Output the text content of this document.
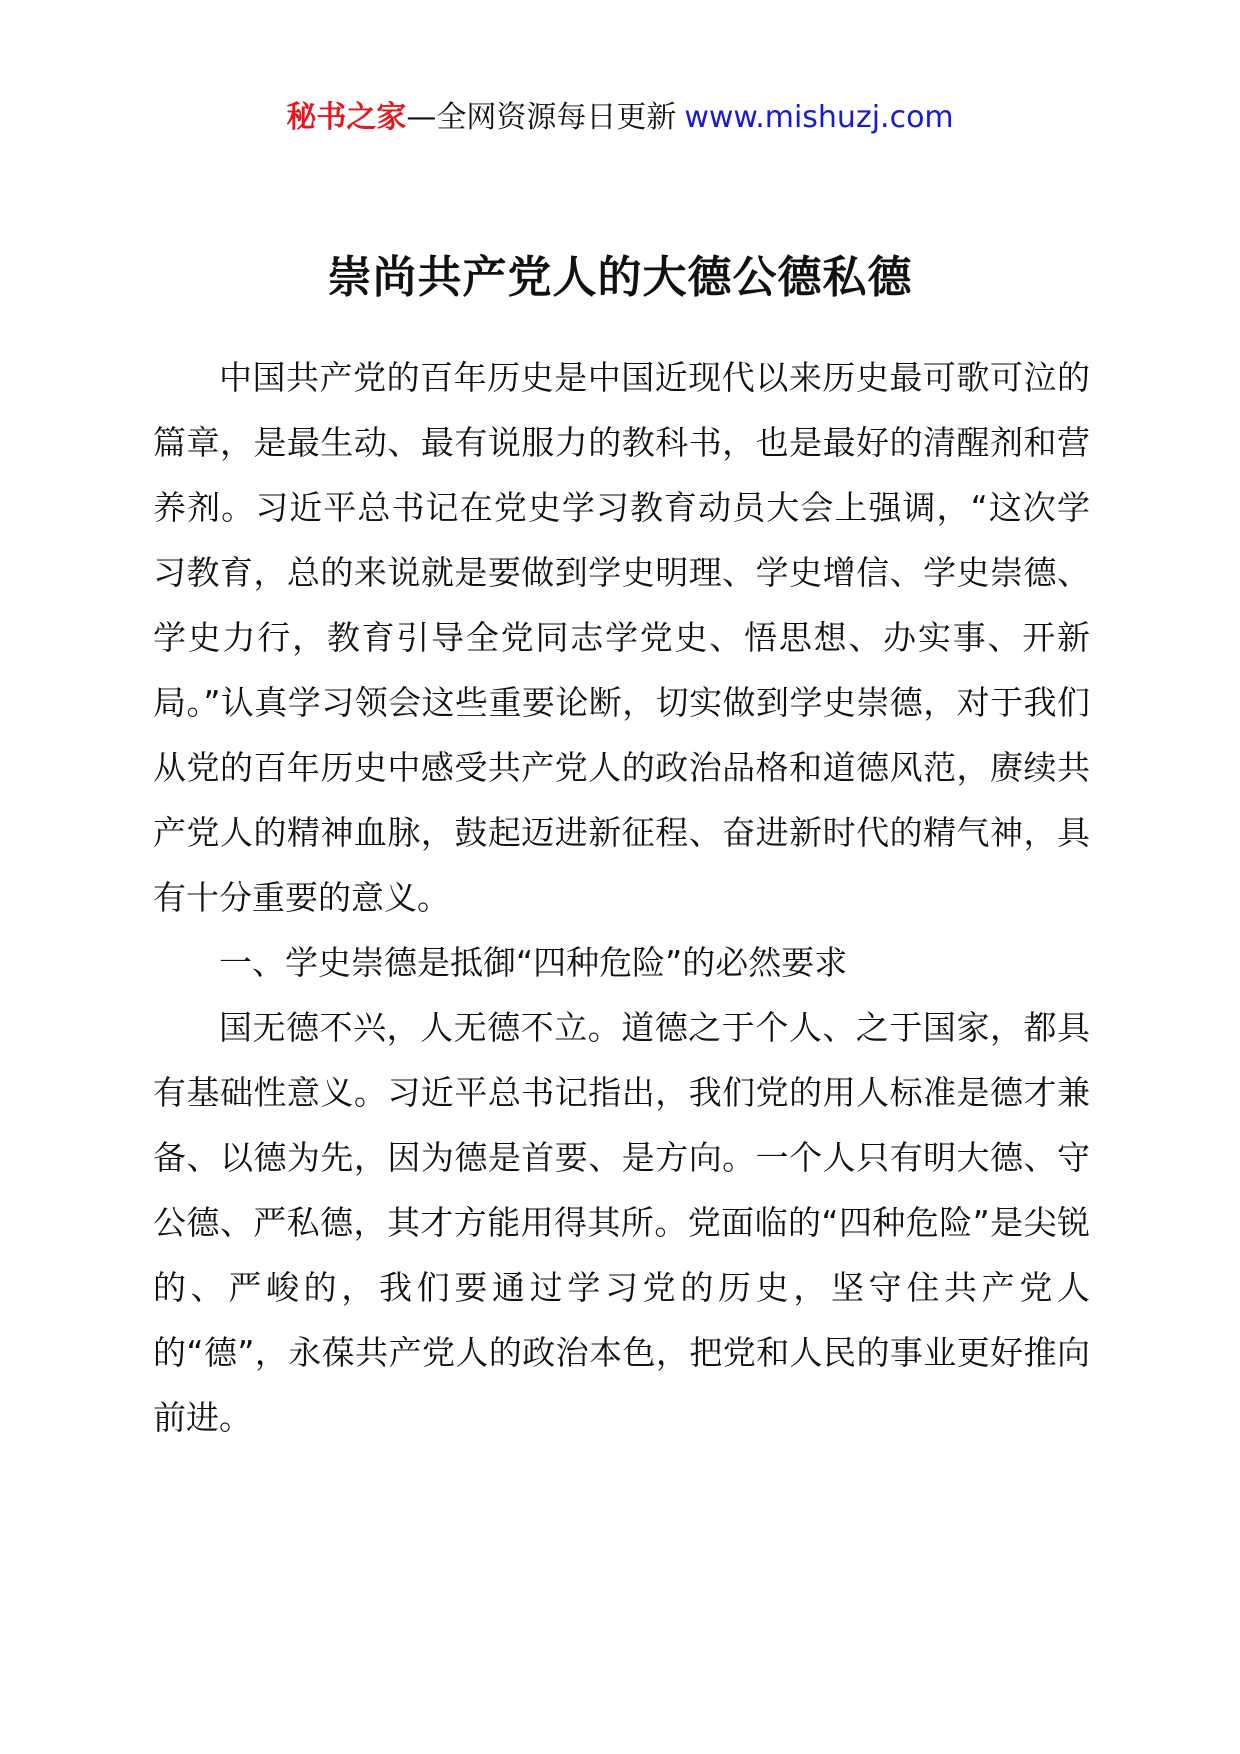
秘书之家—全网资源每日更新 www.mishuzj.com
崇尚共产党人的大德公德私德

中国共产党的百年历史是中国近现代以来历史最可歌可泣的篇章，是最生动、最有说服力的教科书，也是最好的清醒剂和营养剂。习近平总书记在党史学习教育动员大会上强调，“这次学习教育，总的来说就是要做到学史明理、学史增信、学史崇德、学史力行，教育引导全党同志学党史、悟思想、办实事、开新局。”认真学习领会这些重要论断，切实做到学史崇德，对于我们从党的百年历史中感受共产党人的政治品格和道德风范，赓续共产党人的精神血脉，鼓起迈进新征程、奋进新时代的精气神，具有十分重要的意义。

一、学史崇德是抵御“四种危险”的必然要求

国无德不兴，人无德不立。道德之于个人、之于国家，都具有基础性意义。习近平总书记指出，我们党的用人标准是德才兼备、以德为先，因为德是首要、是方向。一个人只有明大德、守公德、严私德，其才方能用得其所。党面临的“四种危险”是尖锐的、严峻的，我们要通过学习党的历史，坚守住共产党人的“德”，永葆共产党人的政治本色，把党和人民的事业更好推向前进。
